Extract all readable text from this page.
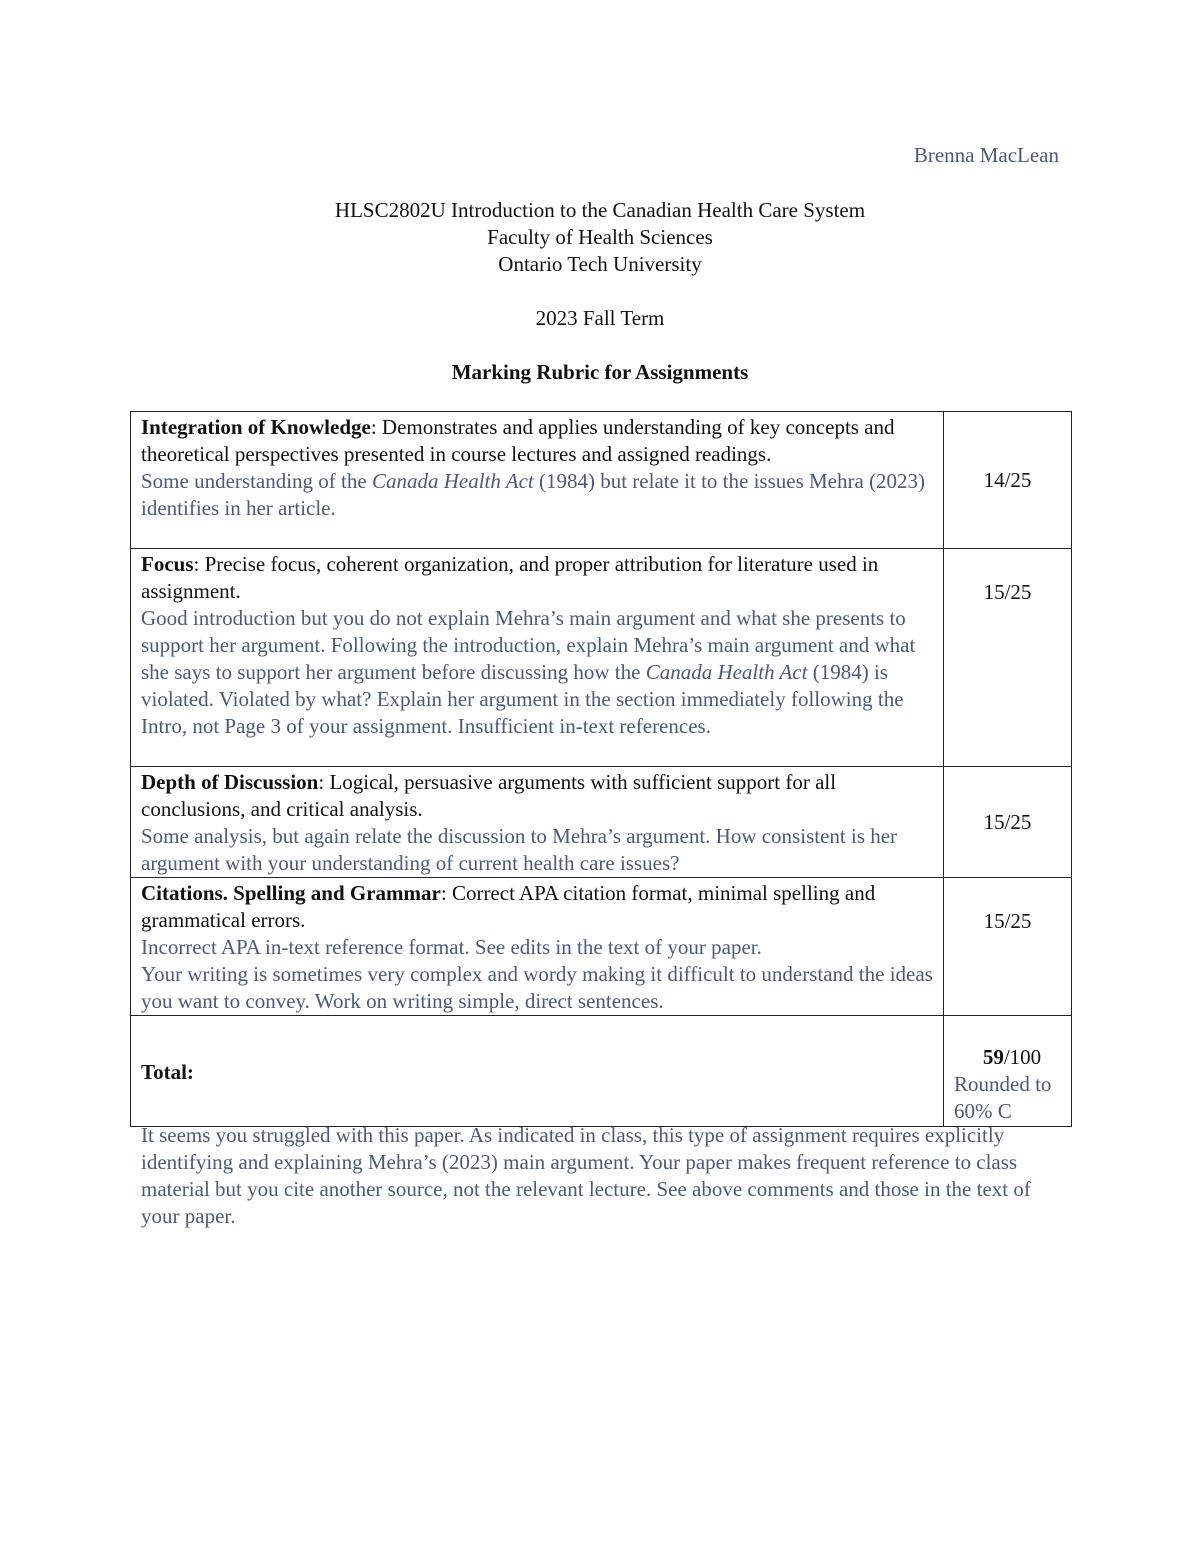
Brenna MacLean

HLSC2802U Introduction to the Canadian Health Care System

Faculty of Health Sciences

Ontario Tech University

2023 Fall Term

Marking Rubric for Assignments

Integration of Knowledge: Demonstrates and applies understanding of key concepts and theoretical perspectives presented in course lectures and assigned readings.
Some understanding of the Canada Health Act (1984) but relate it to the issues Mehra (2023) identifies in her article.	14/25
Focus: Precise focus, coherent organization, and proper attribution for literature used in assignment.
Good introduction but you do not explain Mehra’s main argument and what she presents to support her argument. Following the introduction, explain Mehra’s main argument and what she says to support her argument before discussing how the Canada Health Act (1984) is violated. Violated by what? Explain her argument in the section immediately following the Intro, not Page 3 of your assignment. Insufficient in-text references.	15/25
Depth of Discussion: Logical, persuasive arguments with sufficient support for all conclusions, and critical analysis.
Some analysis, but again relate the discussion to Mehra’s argument. How consistent is her argument with your understanding of current health care issues?	15/25
Citations. Spelling and Grammar: Correct APA citation format, minimal spelling and grammatical errors.
Incorrect APA in-text reference format. See edits in the text of your paper.
Your writing is sometimes very complex and wordy making it difficult to understand the ideas you want to convey. Work on writing simple, direct sentences.	15/25
Total:	59/100
Rounded to 60% C

It seems you struggled with this paper. As indicated in class, this type of assignment requires explicitly identifying and explaining Mehra’s (2023) main argument. Your paper makes frequent reference to class material but you cite another source, not the relevant lecture. See above comments and those in the text of your paper.
